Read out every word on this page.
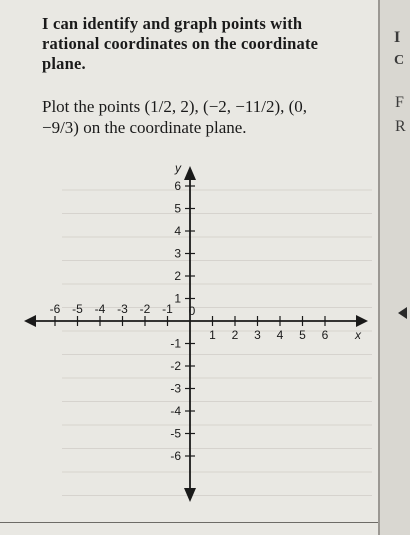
I
C
F
R
I can identify and graph points with
rational coordinates on the coordinate
plane.
Plot the points (1/2, 2), (−2, −11/2), (0,
−9/3) on the coordinate plane.
-6 -5 -4 -3 -2 -1
1 2 3 4 5 6
6
5
4
3
2
1
-1
-2
-3
-4
-5
-6
0
x
y
